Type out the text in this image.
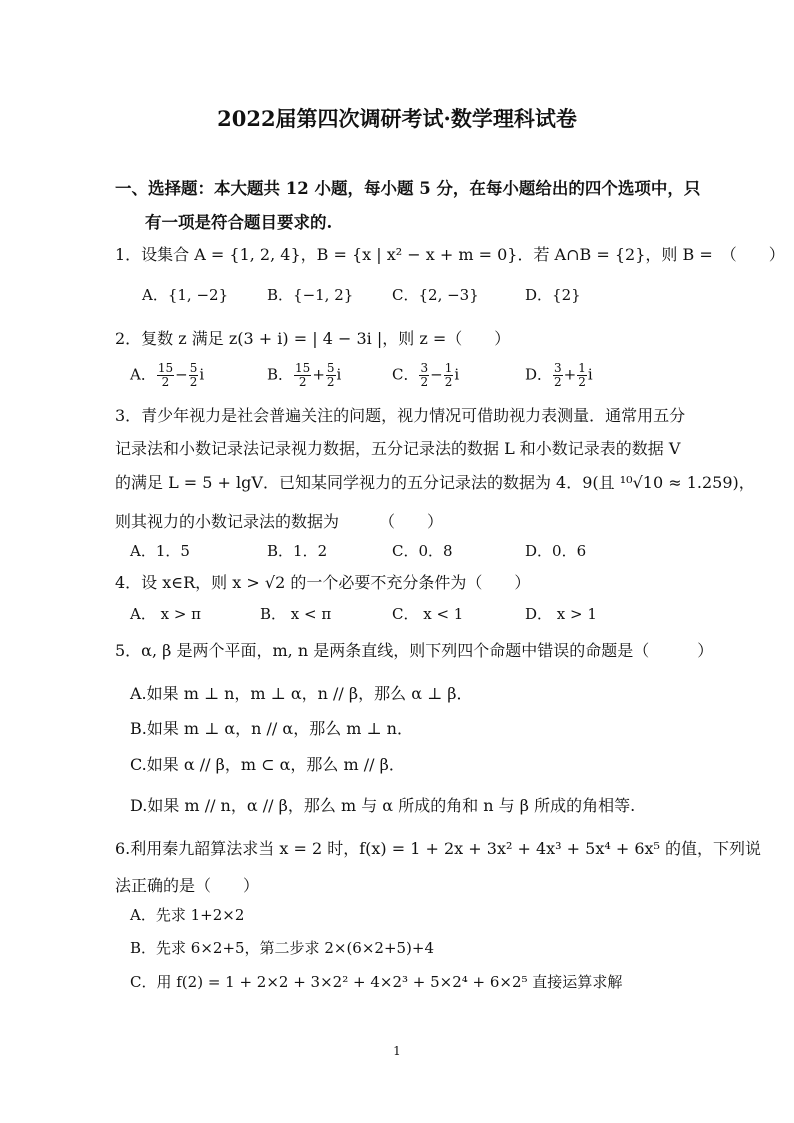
2022届第四次调研考试·数学理科试卷
一、选择题：本大题共 12 小题，每小题 5 分，在每小题给出的四个选项中，只
有一项是符合题目要求的.
1．设集合 A = {1, 2, 4}，B = {x | x² − x + m = 0}．若 A∩B = {2}，则 B =　（　　）
A．{1, −2}	B．{−1, 2}	C．{2, −3}	D．{2}
2．复数 z 满足 z(3 + i) = | 4 − 3i |，则 z =（　　）
A． $\frac{15}{2} - \frac{5}{2}$ i	B． $\frac{15}{2} + \frac{5}{2}$ i	C． $\frac{3}{2} - \frac{1}{2}$ i	D． $\frac{3}{2} + \frac{1}{2}$ i
3．青少年视力是社会普遍关注的问题，视力情况可借助视力表测量．通常用五分
记录法和小数记录法记录视力数据，五分记录法的数据 L 和小数记录表的数据 V
的满足 L = 5 + lgV．已知某同学视力的五分记录法的数据为 4．9(且 ¹⁰√10 ≈ 1.259)，
则其视力的小数记录法的数据为　　　（　　）
A．1．5	B．1．2	C．0．8	D．0．6
4．设 x∈R，则 x > √2 的一个必要不充分条件为（　　）
A． x > π	B． x < π	C． x < 1	D． x > 1
5．α, β 是两个平面，m, n 是两条直线，则下列四个命题中错误的命题是（　　　）
A.如果 m ⊥ n，m ⊥ α，n // β，那么 α ⊥ β．
B.如果 m ⊥ α，n // α，那么 m ⊥ n．
C.如果 α // β，m ⊂ α，那么 m // β．
D.如果 m // n，α // β，那么 m 与 α 所成的角和 n 与 β 所成的角相等.
6.利用秦九韶算法求当 x = 2 时，f(x) = 1 + 2x + 3x² + 4x³ + 5x⁴ + 6x⁵ 的值，下列说
法正确的是（　　）
A．先求 1+2×2
B．先求 6×2+5，第二步求 2×(6×2+5)+4
C．用 f(2) = 1 + 2×2 + 3×2² + 4×2³ + 5×2⁴ + 6×2⁵ 直接运算求解
1
